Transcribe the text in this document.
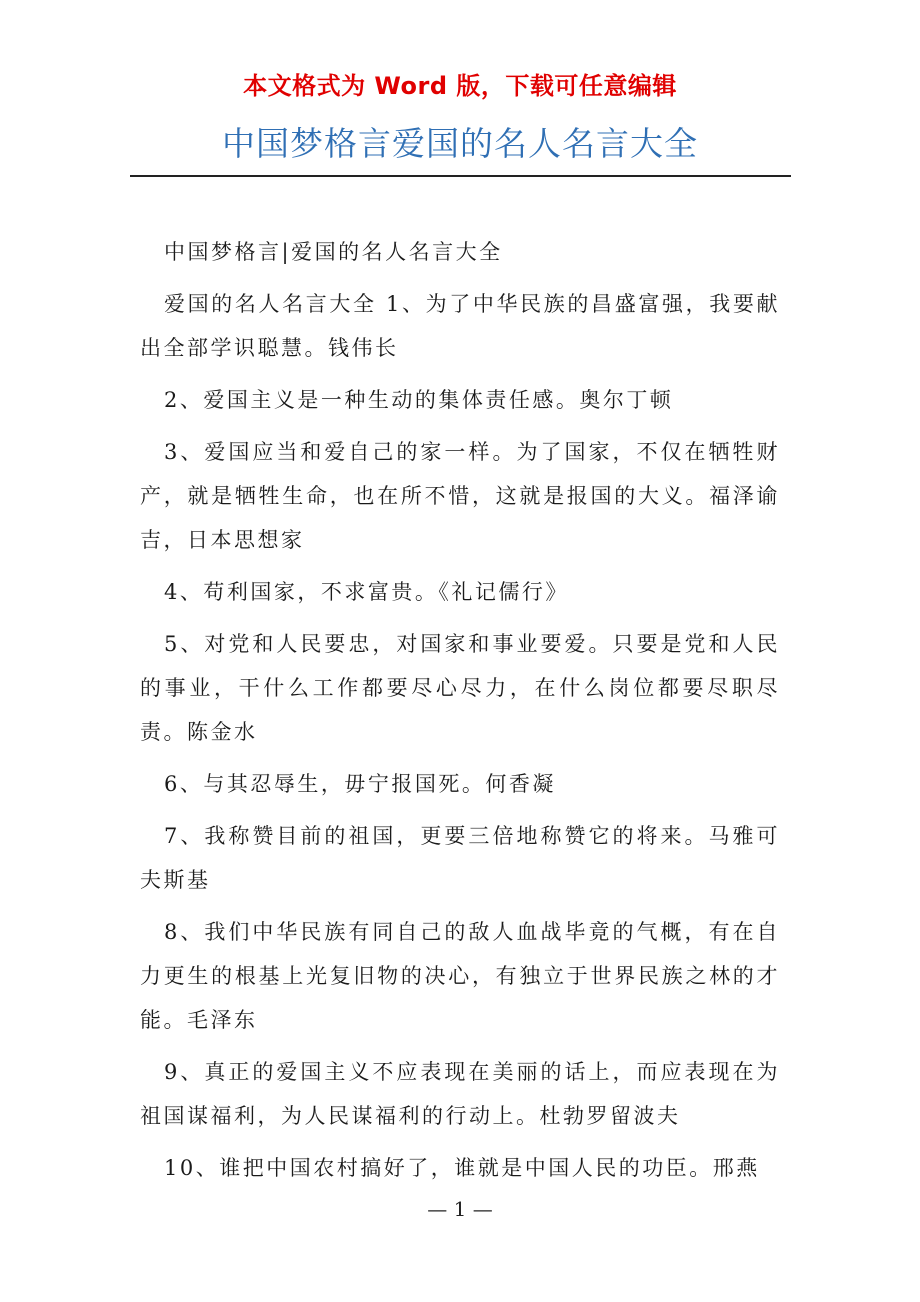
本文格式为 Word 版，下载可任意编辑
中国梦格言爱国的名人名言大全

中国梦格言|爱国的名人名言大全

爱国的名人名言大全 1、为了中华民族的昌盛富强，我要献出全部学识聪慧。钱伟长

2、爱国主义是一种生动的集体责任感。奥尔丁顿

3、爱国应当和爱自己的家一样。为了国家，不仅在牺牲财产，就是牺牲生命，也在所不惜，这就是报国的大义。福泽谕吉，日本思想家

4、苟利国家，不求富贵。《礼记儒行》

5、对党和人民要忠，对国家和事业要爱。只要是党和人民的事业，干什么工作都要尽心尽力，在什么岗位都要尽职尽责。陈金水

6、与其忍辱生，毋宁报国死。何香凝

7、我称赞目前的祖国，更要三倍地称赞它的将来。马雅可夫斯基

8、我们中华民族有同自己的敌人血战毕竟的气概，有在自力更生的根基上光复旧物的决心，有独立于世界民族之林的才能。毛泽东

9、真正的爱国主义不应表现在美丽的话上，而应表现在为祖国谋福利，为人民谋福利的行动上。杜勃罗留波夫

10、谁把中国农村搞好了，谁就是中国人民的功臣。邢燕

— 1 —
